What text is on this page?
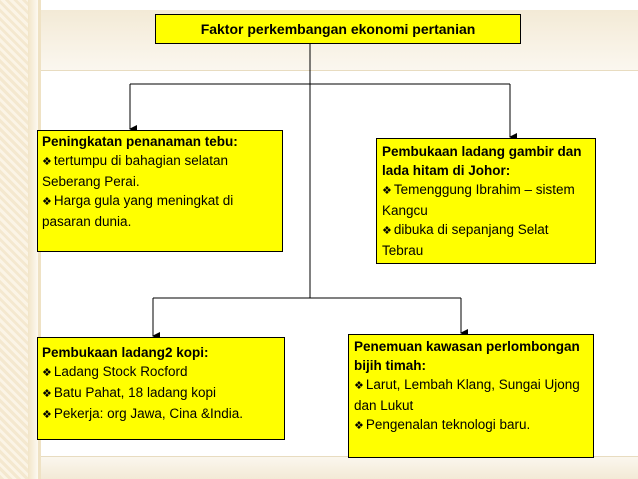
Faktor perkembangan ekonomi pertanian
Peningkatan penanaman tebu:
❖ tertumpu di bahagian selatan Seberang Perai.
❖ Harga gula yang meningkat di pasaran dunia.
Pembukaan ladang gambir dan lada hitam di Johor:
❖ Temenggung Ibrahim – sistem Kangcu
❖ dibuka di sepanjang Selat Tebrau
Pembukaan ladang2 kopi:
❖ Ladang Stock Rocford
❖ Batu Pahat, 18 ladang kopi
❖ Pekerja: org Jawa, Cina &India.
Penemuan kawasan perlombongan bijih timah:
❖ Larut, Lembah Klang, Sungai Ujong dan Lukut
❖ Pengenalan teknologi baru.
